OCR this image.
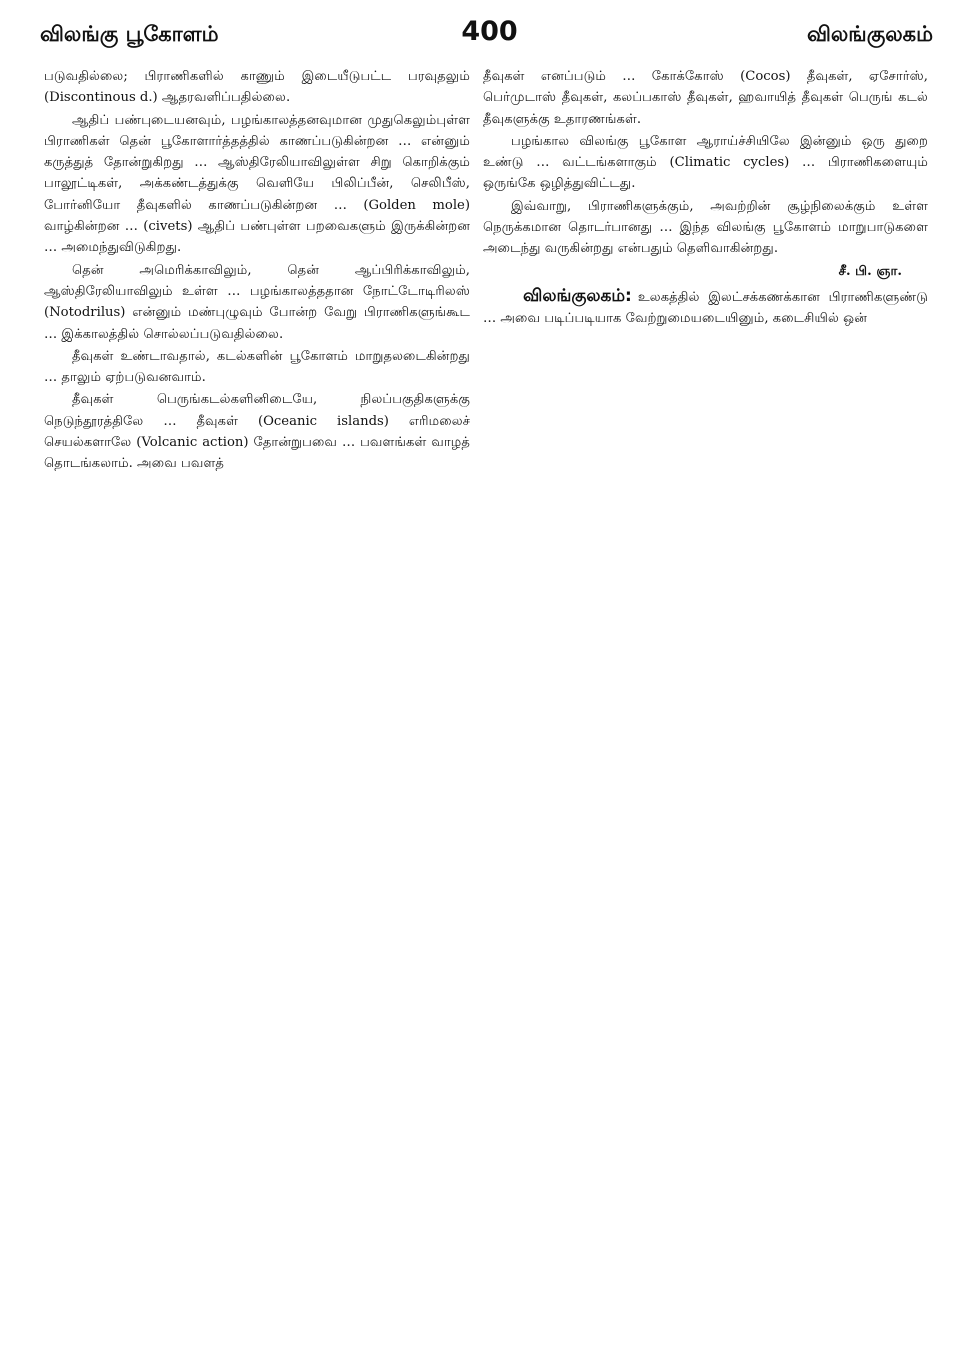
விலங்கு பூகோளம்	400	விலங்குலகம்

படுவதில்லை; பிராணிகளில் காணும் இடையீடுபட்ட பரவுதலும் (Discontinous d.) ஆதரவளிப்பதில்லை.

ஆதிப் பண்புடையனவும், பழங்காலத்தனவுமான முதுகெலும்புள்ள பிராணிகள் தென் பூகோளார்த்தத்தில் காணப்படுகின்றன … என்னும் கருத்துத் தோன்றுகிறது … ஆஸ்திரேலியாவிலுள்ள சிறு கொறிக்கும் பாலூட்டிகள், அக்கண்டத்துக்கு வெளியே பிலிப்பீன், செலிபீஸ், போர்னியோ தீவுகளில் காணப்படுகின்றன … (Golden mole) வாழ்கின்றன … (civets) ஆதிப் பண்புள்ள பறவைகளும் இருக்கின்றன … அமைந்துவிடுகிறது.

தென் அமெரிக்காவிலும், தென் ஆப்பிரிக்காவிலும், ஆஸ்திரேலியாவிலும் உள்ள … பழங்காலத்ததான நோட்டோடிரிலஸ் (Notodrilus) என்னும் மண்புழுவும் போன்ற வேறு பிராணிகளுங்கூட … இக்காலத்தில் சொல்லப்படுவதில்லை.

தீவுகள் உண்டாவதால், கடல்களின் பூகோளம் மாறுதலடைகின்றது … தாலும் ஏற்படுவனவாம்.

தீவுகள் பெருங்கடல்களினிடையே, நிலப்பகுதிகளுக்கு நெடுந்தூரத்திலே … தீவுகள் (Oceanic islands) எரிமலைச் செயல்களாலே (Volcanic action) தோன்றுபவை … பவளங்கள் வாழத் தொடங்கலாம். அவை பவளத்

தீவுகள் எனப்படும் … கோக்கோஸ் (Cocos) தீவுகள், ஏசோர்ஸ், பெர்முடாஸ் தீவுகள், கலப்பகாஸ் தீவுகள், ஹவாயித் தீவுகள் பெருங் கடல் தீவுகளுக்கு உதாரணங்கள்.

பழங்கால விலங்கு பூகோள ஆராய்ச்சியிலே இன்னும் ஒரு துறை உண்டு … வட்டங்களாகும் (Climatic cycles) … பிராணிகளையும் ஒருங்கே ஒழித்துவிட்டது.

இவ்வாறு, பிராணிகளுக்கும், அவற்றின் சூழ்நிலைக்கும் உள்ள நெருக்கமான தொடர்பானது … இந்த விலங்கு பூகோளம் மாறுபாடுகளை அடைந்து வருகின்றது என்பதும் தெளிவாகின்றது.

சீ. பி. ஞா.

விலங்குலகம்: உலகத்தில் இலட்சக்கணக்கான பிராணிகளுண்டு … அவை படிப்படியாக வேற்றுமையடையினும், கடைசியில் ஒன்
